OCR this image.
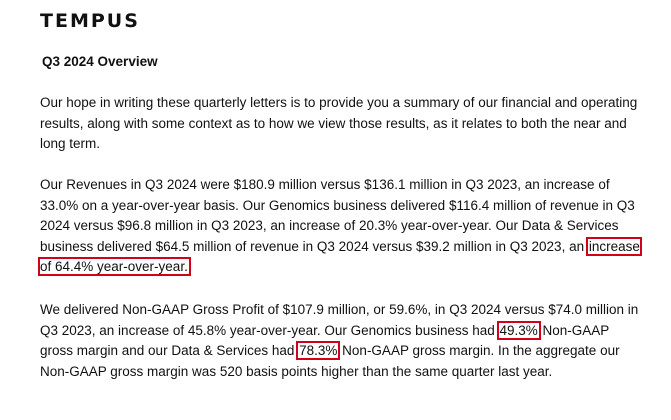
TEMPUS
Q3 2024 Overview

Our hope in writing these quarterly letters is to provide you a summary of our financial and operating results, along with some context as to how we view those results, as it relates to both the near and long term.

Our Revenues in Q3 2024 were $180.9 million versus $136.1 million in Q3 2023, an increase of 33.0% on a year-over-year basis. Our Genomics business delivered $116.4 million of revenue in Q3 2024 versus $96.8 million in Q3 2023, an increase of 20.3% year-over-year. Our Data & Services business delivered $64.5 million of revenue in Q3 2024 versus $39.2 million in Q3 2023, an increase of 64.4% year-over-year.

We delivered Non-GAAP Gross Profit of $107.9 million, or 59.6%, in Q3 2024 versus $74.0 million in Q3 2023, an increase of 45.8% year-over-year. Our Genomics business had 49.3% Non-GAAP gross margin and our Data & Services had 78.3% Non-GAAP gross margin. In the aggregate our Non-GAAP gross margin was 520 basis points higher than the same quarter last year.
